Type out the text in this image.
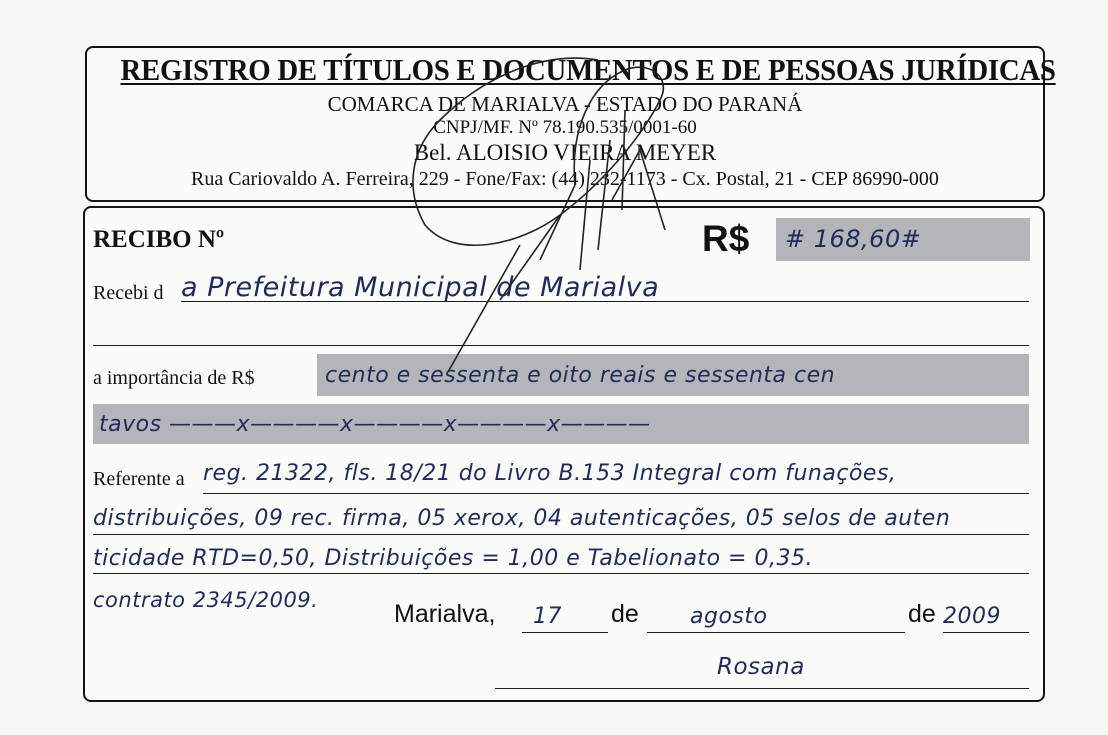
REGISTRO DE TÍTULOS E DOCUMENTOS E DE PESSOAS JURÍDICAS
COMARCA DE MARIALVA - ESTADO DO PARANÁ
CNPJ/MF. Nº 78.190.535/0001-60
Bel. ALOISIO VIEIRA MEYER
Rua Cariovaldo A. Ferreira, 229 - Fone/Fax: (44) 232-1173 - Cx. Postal, 21 - CEP 86990-000
RECIBO Nº	R$ # 168,60#
Recebi d a Prefeitura Municipal de Marialva
a importância de R$	cento e sessenta e oito reais e sessenta cen
tavos ———x————x————x————x————
Referente a reg. 21322, fls. 18/21 do Livro B.153 Integral com funações,
distribuições, 09 rec. firma, 05 xerox, 04 autenticações, 05 selos de auten
ticidade RTD=0,50, Distribuições = 1,00 e Tabelionato = 0,35.
contrato 2345/2009.	Marialva, 17 de agosto	de 2009
Rosana
